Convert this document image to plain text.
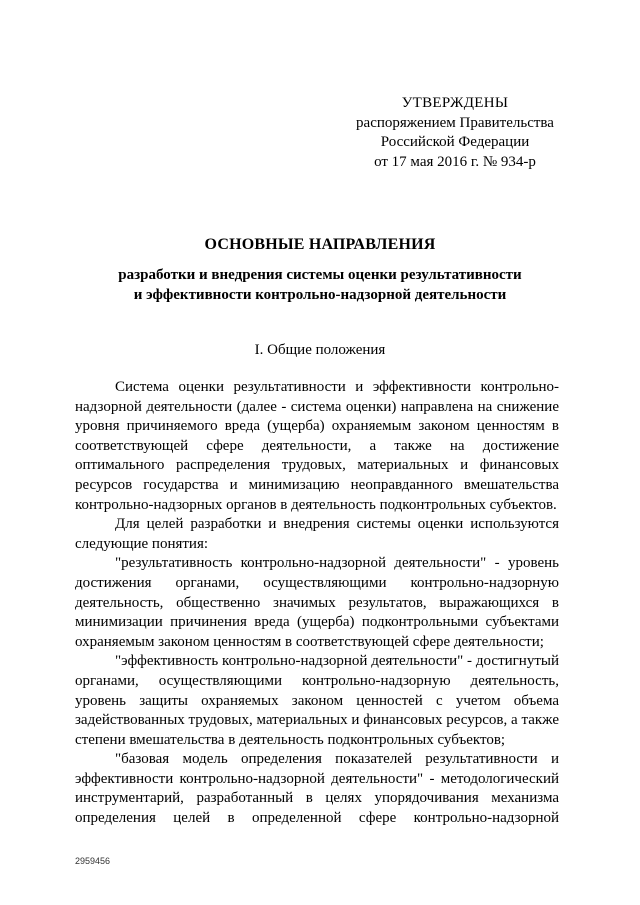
УТВЕРЖДЕНЫ
распоряжением Правительства
Российской Федерации
от 17 мая 2016 г. № 934-р
ОСНОВНЫЕ НАПРАВЛЕНИЯ
разработки и внедрения системы оценки результативности
и эффективности контрольно-надзорной деятельности
I. Общие положения
Система оценки результативности и эффективности контрольно-
надзорной деятельности (далее - система оценки) направлена на снижение
уровня причиняемого вреда (ущерба) охраняемым законом ценностям в
соответствующей сфере деятельности, а также на достижение
оптимального распределения трудовых, материальных и финансовых
ресурсов государства и минимизацию неоправданного вмешательства
контрольно-надзорных органов в деятельность подконтрольных субъектов.
Для целей разработки и внедрения системы оценки используются
следующие понятия:
"результативность контрольно-надзорной деятельности" - уровень
достижения органами, осуществляющими контрольно-надзорную
деятельность, общественно значимых результатов, выражающихся в
минимизации причинения вреда (ущерба) подконтрольными субъектами
охраняемым законом ценностям в соответствующей сфере деятельности;
"эффективность контрольно-надзорной деятельности" - достигнутый
органами, осуществляющими контрольно-надзорную деятельность,
уровень защиты охраняемых законом ценностей с учетом объема
задействованных трудовых, материальных и финансовых ресурсов, а также
степени вмешательства в деятельность подконтрольных субъектов;
"базовая модель определения показателей результативности и
эффективности контрольно-надзорной деятельности" - методологический
инструментарий, разработанный в целях упорядочивания механизма
определения целей в определенной сфере контрольно-надзорной
2959456
